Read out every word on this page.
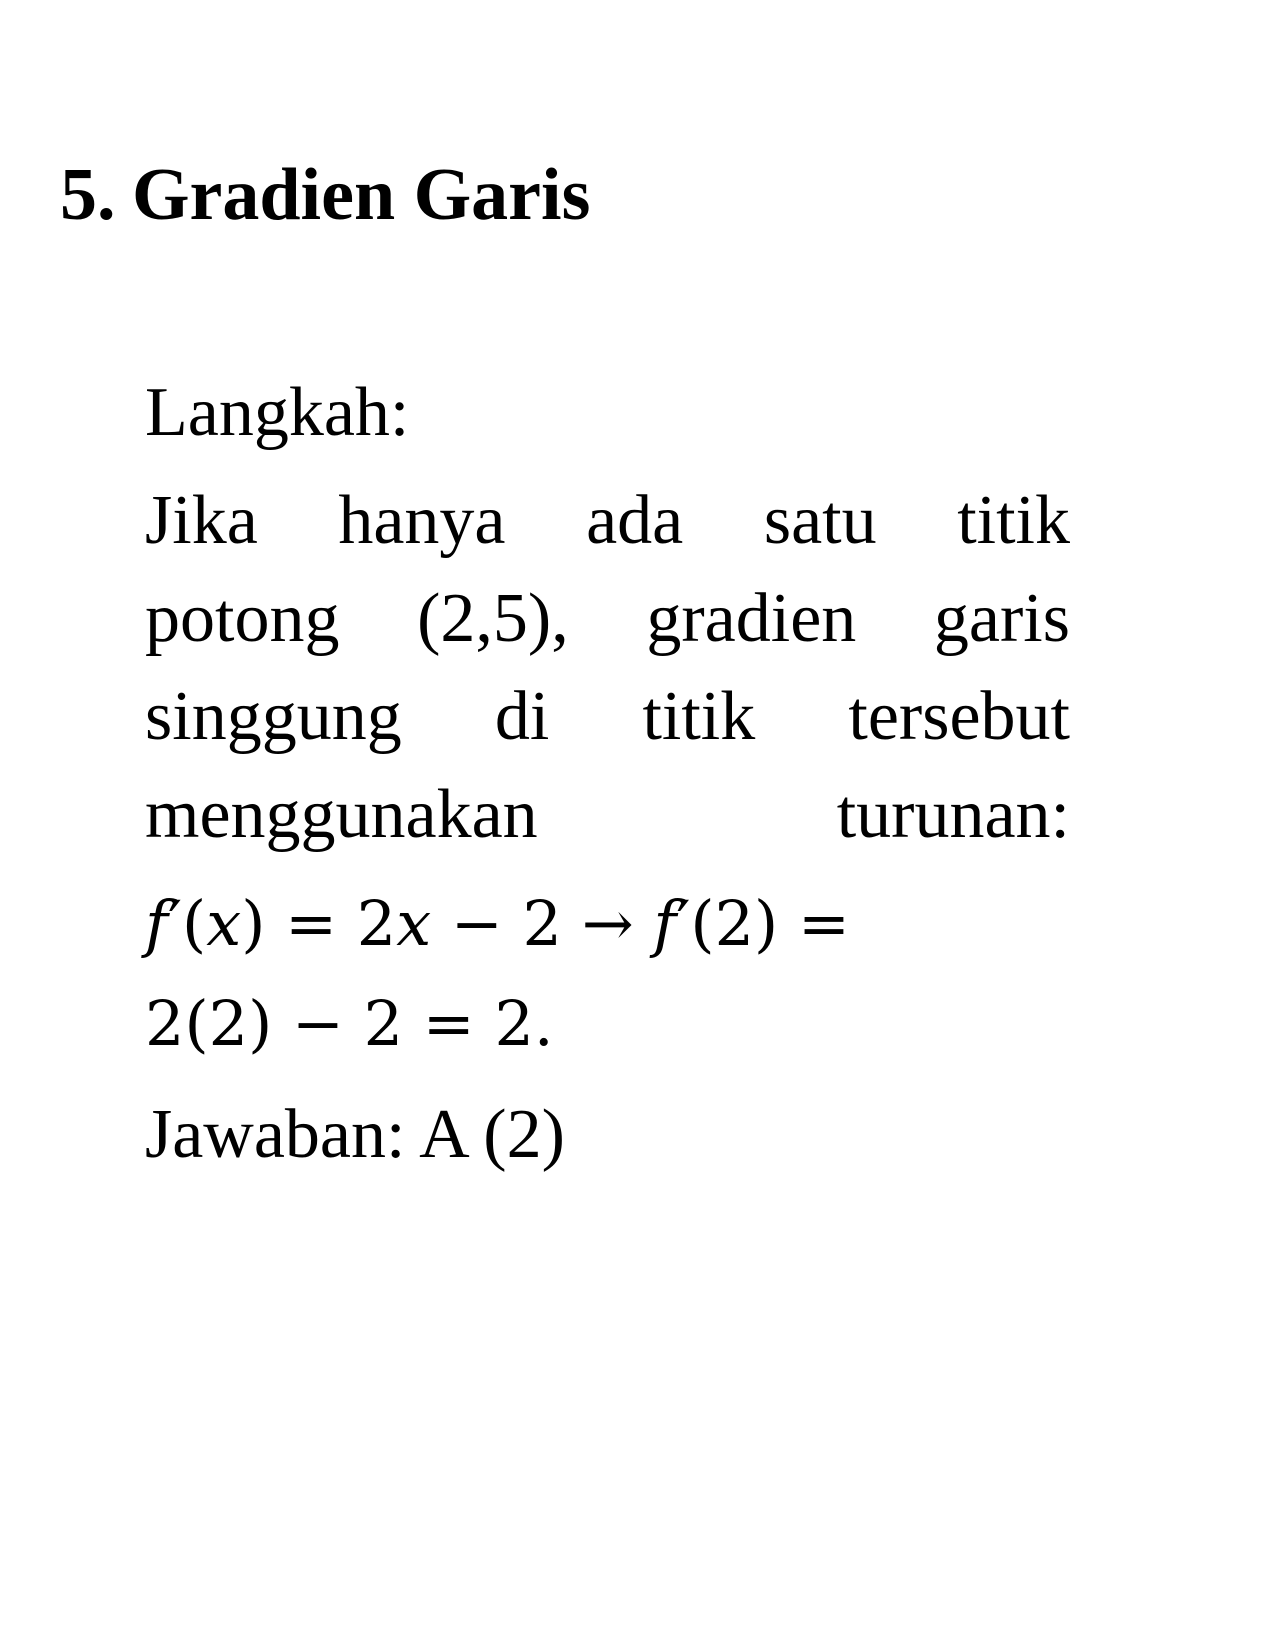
5. Gradien Garis
Langkah:
Jika hanya ada satu titik
potong (2,5), gradien garis
singgung di titik tersebut
menggunakan	turunan:
f′(x) = 2x − 2 → f′(2) =
2(2) − 2 = 2.
Jawaban: A (2)
